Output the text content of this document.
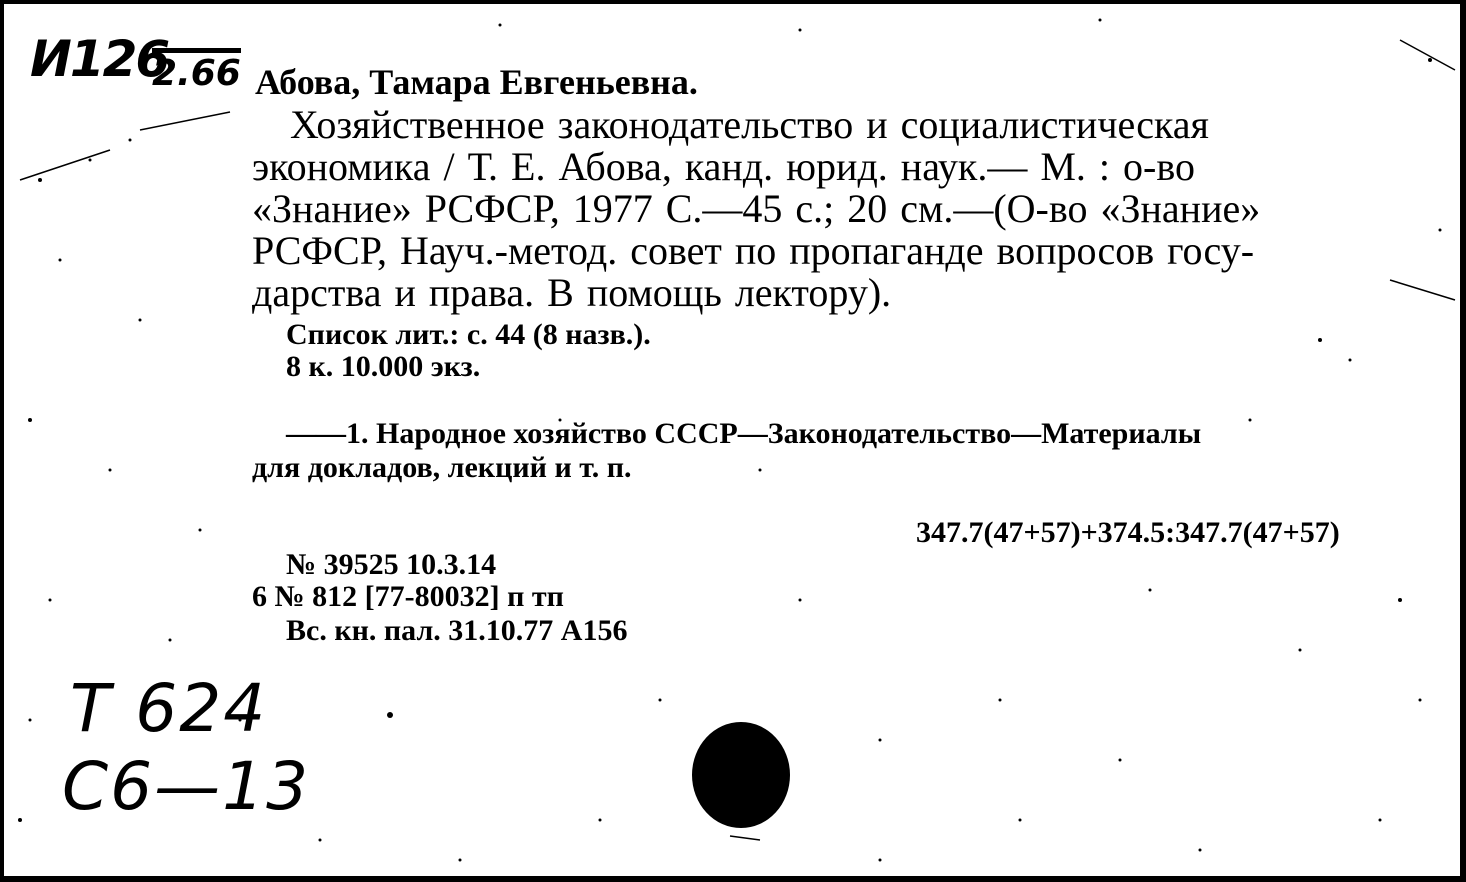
И126
2.66 Абова, Тамара Евгеньевна.
Хозяйственное законодательство и социалистическая
экономика / Т. Е. Абова, канд. юрид. наук.— М. : о-во
«Знание» РСФСР, 1977 С.—45 с.; 20 см.—(О-во «Знание»
РСФСР, Науч.-метод. совет по пропаганде вопросов госу-
дарства и права. В помощь лектору).
Список лит.: с. 44 (8 назв.).
8 к. 10.000 экз.
——1. Народное хозяйство СССР—Законодательство—Материалы
для докладов, лекций и т. п.
347.7(47+57)+374.5:347.7(47+57)
№ 39525 10.3.14
6 № 812 [77-80032] п тп
Вс. кн. пал. 31.10.77 А156
Т 624
С6—13
